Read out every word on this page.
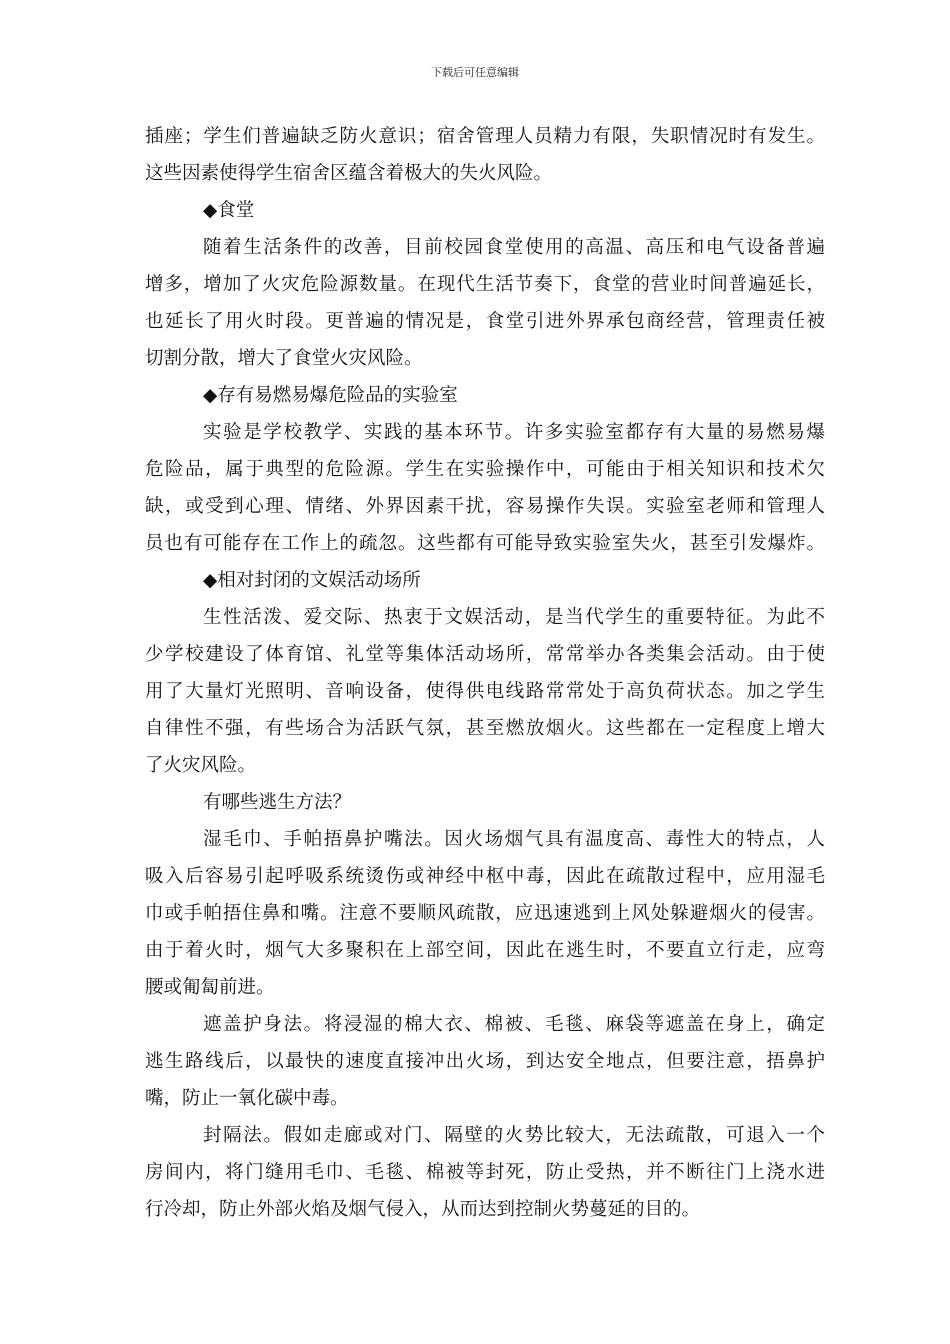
下载后可任意编辑
插座；学生们普遍缺乏防火意识；宿舍管理人员精力有限，失职情况时有发生。
这些因素使得学生宿舍区蕴含着极大的失火风险。
◆食堂
随着生活条件的改善，目前校园食堂使用的高温、高压和电气设备普遍
增多，增加了火灾危险源数量。在现代生活节奏下，食堂的营业时间普遍延长，
也延长了用火时段。更普遍的情况是，食堂引进外界承包商经营，管理责任被
切割分散，增大了食堂火灾风险。
◆存有易燃易爆危险品的实验室
实验是学校教学、实践的基本环节。许多实验室都存有大量的易燃易爆
危险品，属于典型的危险源。学生在实验操作中，可能由于相关知识和技术欠
缺，或受到心理、情绪、外界因素干扰，容易操作失误。实验室老师和管理人
员也有可能存在工作上的疏忽。这些都有可能导致实验室失火，甚至引发爆炸。
◆相对封闭的文娱活动场所
生性活泼、爱交际、热衷于文娱活动，是当代学生的重要特征。为此不
少学校建设了体育馆、礼堂等集体活动场所，常常举办各类集会活动。由于使
用了大量灯光照明、音响设备，使得供电线路常常处于高负荷状态。加之学生
自律性不强，有些场合为活跃气氛，甚至燃放烟火。这些都在一定程度上增大
了火灾风险。
有哪些逃生方法？
湿毛巾、手帕捂鼻护嘴法。因火场烟气具有温度高、毒性大的特点，人
吸入后容易引起呼吸系统烫伤或神经中枢中毒，因此在疏散过程中，应用湿毛
巾或手帕捂住鼻和嘴。注意不要顺风疏散，应迅速逃到上风处躲避烟火的侵害。
由于着火时，烟气大多聚积在上部空间，因此在逃生时，不要直立行走，应弯
腰或匍匐前进。
遮盖护身法。将浸湿的棉大衣、棉被、毛毯、麻袋等遮盖在身上，确定
逃生路线后，以最快的速度直接冲出火场，到达安全地点，但要注意，捂鼻护
嘴，防止一氧化碳中毒。
封隔法。假如走廊或对门、隔壁的火势比较大，无法疏散，可退入一个
房间内，将门缝用毛巾、毛毯、棉被等封死，防止受热，并不断往门上浇水进
行冷却，防止外部火焰及烟气侵入，从而达到控制火势蔓延的目的。
